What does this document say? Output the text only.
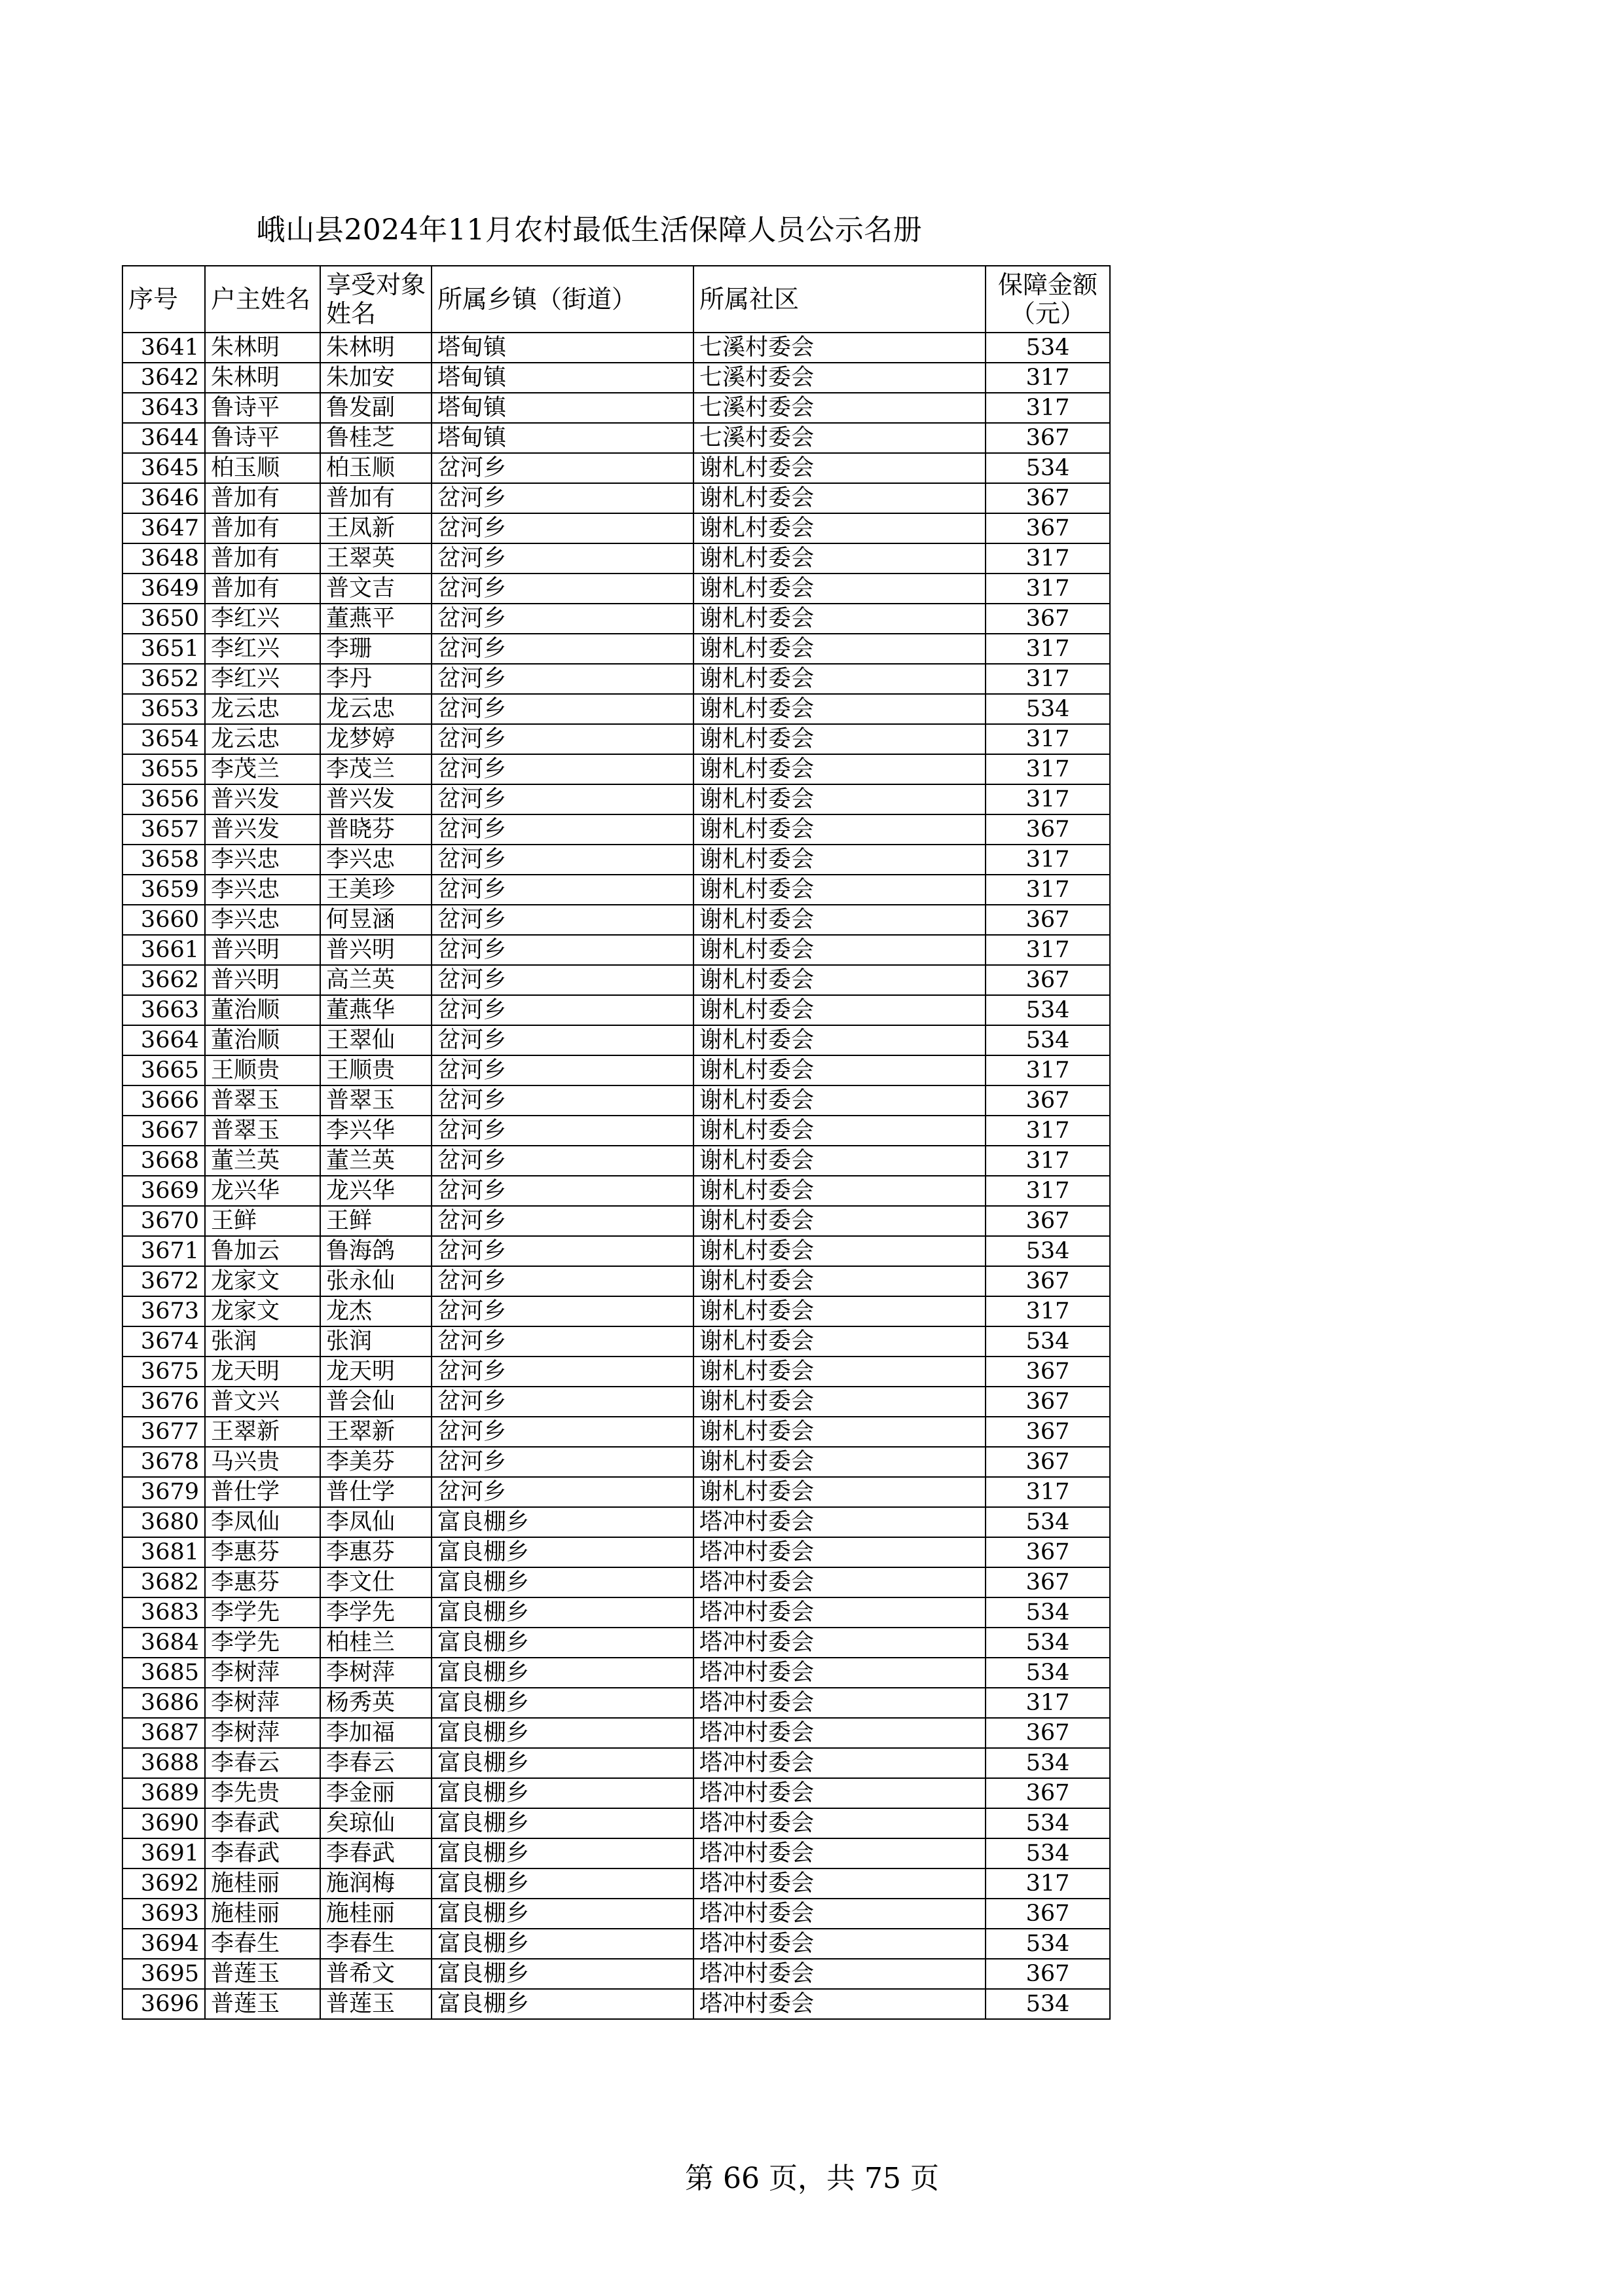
峨山县2024年11月农村最低生活保障人员公示名册
序号	户主姓名	享受对象姓名	所属乡镇（街道）	所属社区	保障金额（元）
3641	朱林明	朱林明	塔甸镇	七溪村委会	534
3642	朱林明	朱加安	塔甸镇	七溪村委会	317
3643	鲁诗平	鲁发副	塔甸镇	七溪村委会	317
3644	鲁诗平	鲁桂芝	塔甸镇	七溪村委会	367
3645	柏玉顺	柏玉顺	岔河乡	谢札村委会	534
3646	普加有	普加有	岔河乡	谢札村委会	367
3647	普加有	王凤新	岔河乡	谢札村委会	367
3648	普加有	王翠英	岔河乡	谢札村委会	317
3649	普加有	普文吉	岔河乡	谢札村委会	317
3650	李红兴	董燕平	岔河乡	谢札村委会	367
3651	李红兴	李珊	岔河乡	谢札村委会	317
3652	李红兴	李丹	岔河乡	谢札村委会	317
3653	龙云忠	龙云忠	岔河乡	谢札村委会	534
3654	龙云忠	龙梦婷	岔河乡	谢札村委会	317
3655	李茂兰	李茂兰	岔河乡	谢札村委会	317
3656	普兴发	普兴发	岔河乡	谢札村委会	317
3657	普兴发	普晓芬	岔河乡	谢札村委会	367
3658	李兴忠	李兴忠	岔河乡	谢札村委会	317
3659	李兴忠	王美珍	岔河乡	谢札村委会	317
3660	李兴忠	何昱涵	岔河乡	谢札村委会	367
3661	普兴明	普兴明	岔河乡	谢札村委会	317
3662	普兴明	高兰英	岔河乡	谢札村委会	367
3663	董治顺	董燕华	岔河乡	谢札村委会	534
3664	董治顺	王翠仙	岔河乡	谢札村委会	534
3665	王顺贵	王顺贵	岔河乡	谢札村委会	317
3666	普翠玉	普翠玉	岔河乡	谢札村委会	367
3667	普翠玉	李兴华	岔河乡	谢札村委会	317
3668	董兰英	董兰英	岔河乡	谢札村委会	317
3669	龙兴华	龙兴华	岔河乡	谢札村委会	317
3670	王鲜	王鲜	岔河乡	谢札村委会	367
3671	鲁加云	鲁海鸽	岔河乡	谢札村委会	534
3672	龙家文	张永仙	岔河乡	谢札村委会	367
3673	龙家文	龙杰	岔河乡	谢札村委会	317
3674	张润	张润	岔河乡	谢札村委会	534
3675	龙天明	龙天明	岔河乡	谢札村委会	367
3676	普文兴	普会仙	岔河乡	谢札村委会	367
3677	王翠新	王翠新	岔河乡	谢札村委会	367
3678	马兴贵	李美芬	岔河乡	谢札村委会	367
3679	普仕学	普仕学	岔河乡	谢札村委会	317
3680	李凤仙	李凤仙	富良棚乡	塔冲村委会	534
3681	李惠芬	李惠芬	富良棚乡	塔冲村委会	367
3682	李惠芬	李文仕	富良棚乡	塔冲村委会	367
3683	李学先	李学先	富良棚乡	塔冲村委会	534
3684	李学先	柏桂兰	富良棚乡	塔冲村委会	534
3685	李树萍	李树萍	富良棚乡	塔冲村委会	534
3686	李树萍	杨秀英	富良棚乡	塔冲村委会	317
3687	李树萍	李加福	富良棚乡	塔冲村委会	367
3688	李春云	李春云	富良棚乡	塔冲村委会	534
3689	李先贵	李金丽	富良棚乡	塔冲村委会	367
3690	李春武	矣琼仙	富良棚乡	塔冲村委会	534
3691	李春武	李春武	富良棚乡	塔冲村委会	534
3692	施桂丽	施润梅	富良棚乡	塔冲村委会	317
3693	施桂丽	施桂丽	富良棚乡	塔冲村委会	367
3694	李春生	李春生	富良棚乡	塔冲村委会	534
3695	普莲玉	普希文	富良棚乡	塔冲村委会	367
3696	普莲玉	普莲玉	富良棚乡	塔冲村委会	534
第 66 页，共 75 页
